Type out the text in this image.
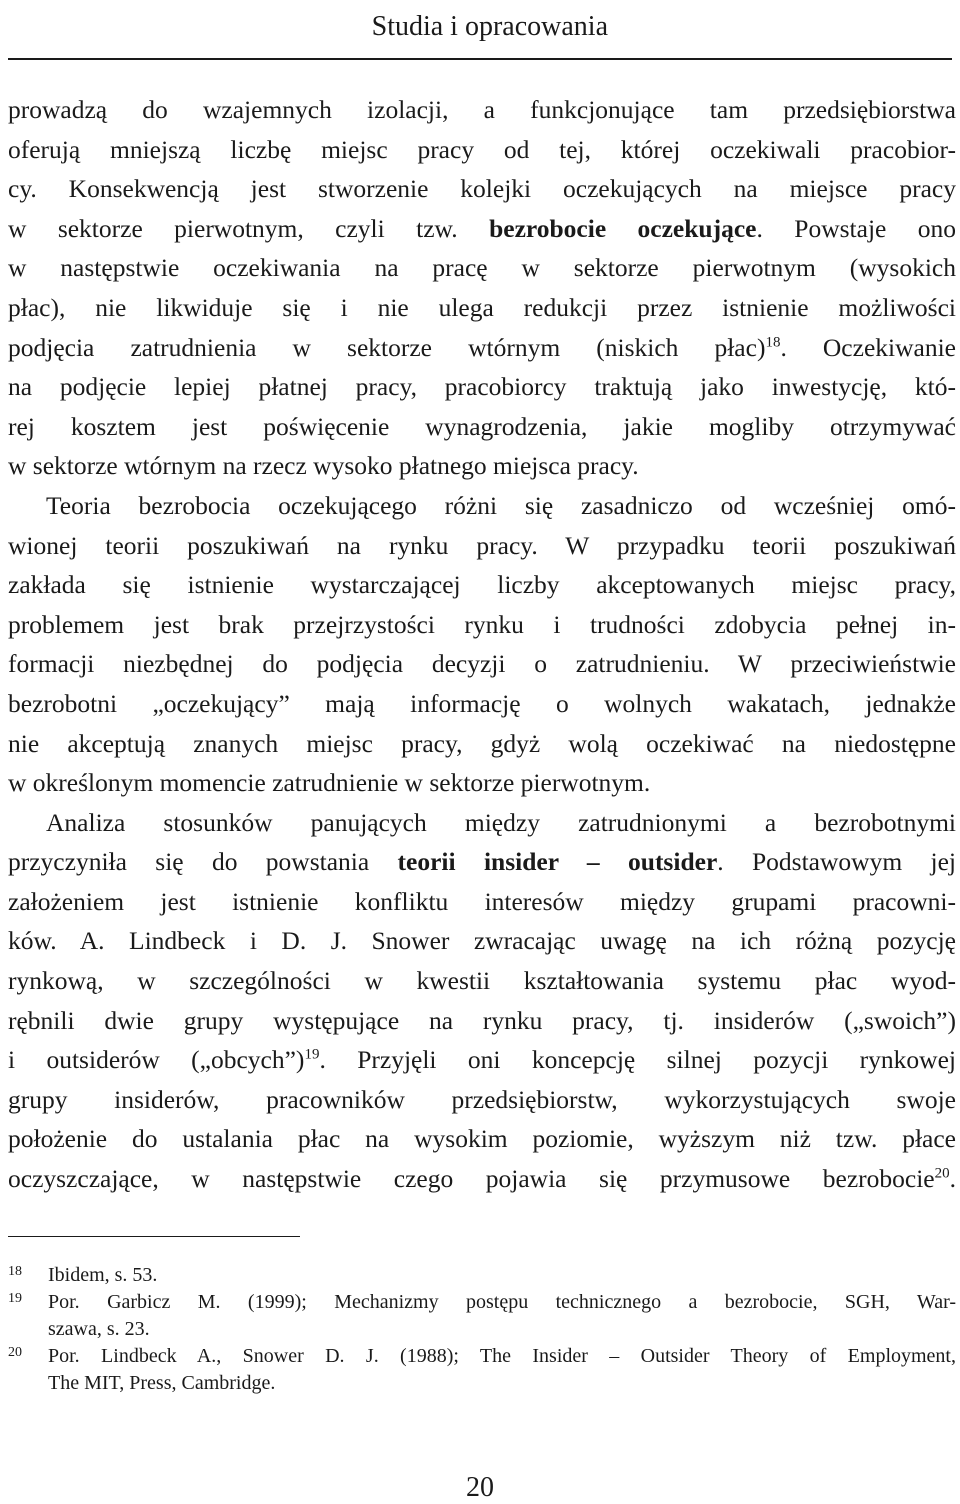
Studia i opracowania

prowadzą do wzajemnych izolacji, a funkcjonujące tam przedsiębiorstwa
oferują mniejszą liczbę miejsc pracy od tej, której oczekiwali pracobior-
cy. Konsekwencją jest stworzenie kolejki oczekujących na miejsce pracy
w sektorze pierwotnym, czyli tzw. bezrobocie oczekujące. Powstaje ono
w następstwie oczekiwania na pracę w sektorze pierwotnym (wysokich
płac), nie likwiduje się i nie ulega redukcji przez istnienie możliwości
podjęcia zatrudnienia w sektorze wtórnym (niskich płac)$^{18}$. Oczekiwanie
na podjęcie lepiej płatnej pracy, pracobiorcy traktują jako inwestycję, któ-
rej kosztem jest poświęcenie wynagrodzenia, jakie mogliby otrzymywać
w sektorze wtórnym na rzecz wysoko płatnego miejsca pracy.

Teoria bezrobocia oczekującego różni się zasadniczo od wcześniej omó-
wionej teorii poszukiwań na rynku pracy. W przypadku teorii poszukiwań
zakłada się istnienie wystarczającej liczby akceptowanych miejsc pracy,
problemem jest brak przejrzystości rynku i trudności zdobycia pełnej in-
formacji niezbędnej do podjęcia decyzji o zatrudnieniu. W przeciwieństwie
bezrobotni „oczekujący” mają informację o wolnych wakatach, jednakże
nie akceptują znanych miejsc pracy, gdyż wolą oczekiwać na niedostępne
w określonym momencie zatrudnienie w sektorze pierwotnym.

Analiza stosunków panujących między zatrudnionymi a bezrobotnymi
przyczyniła się do powstania teorii insider – outsider. Podstawowym jej
założeniem jest istnienie konfliktu interesów między grupami pracowni-
ków. A. Lindbeck i D. J. Snower zwracając uwagę na ich różną pozycję
rynkową, w szczególności w kwestii kształtowania systemu płac wyod-
rębnili dwie grupy występujące na rynku pracy, tj. insiderów („swoich”)
i outsiderów („obcych”)$^{19}$. Przyjęli oni koncepcję silnej pozycji rynkowej
grupy insiderów, pracowników przedsiębiorstw, wykorzystujących swoje
położenie do ustalania płac na wysokim poziomie, wyższym niż tzw. płace
oczyszczające, w następstwie czego pojawia się przymusowe bezrobocie$^{20}$.

18 Ibidem, s. 53.
19 Por. Garbicz M. (1999); Mechanizmy postępu technicznego a bezrobocie, SGH, War-
szawa, s. 23.
20 Por. Lindbeck A., Snower D. J. (1988); The Insider – Outsider Theory of Employment,
The MIT, Press, Cambridge.
20
